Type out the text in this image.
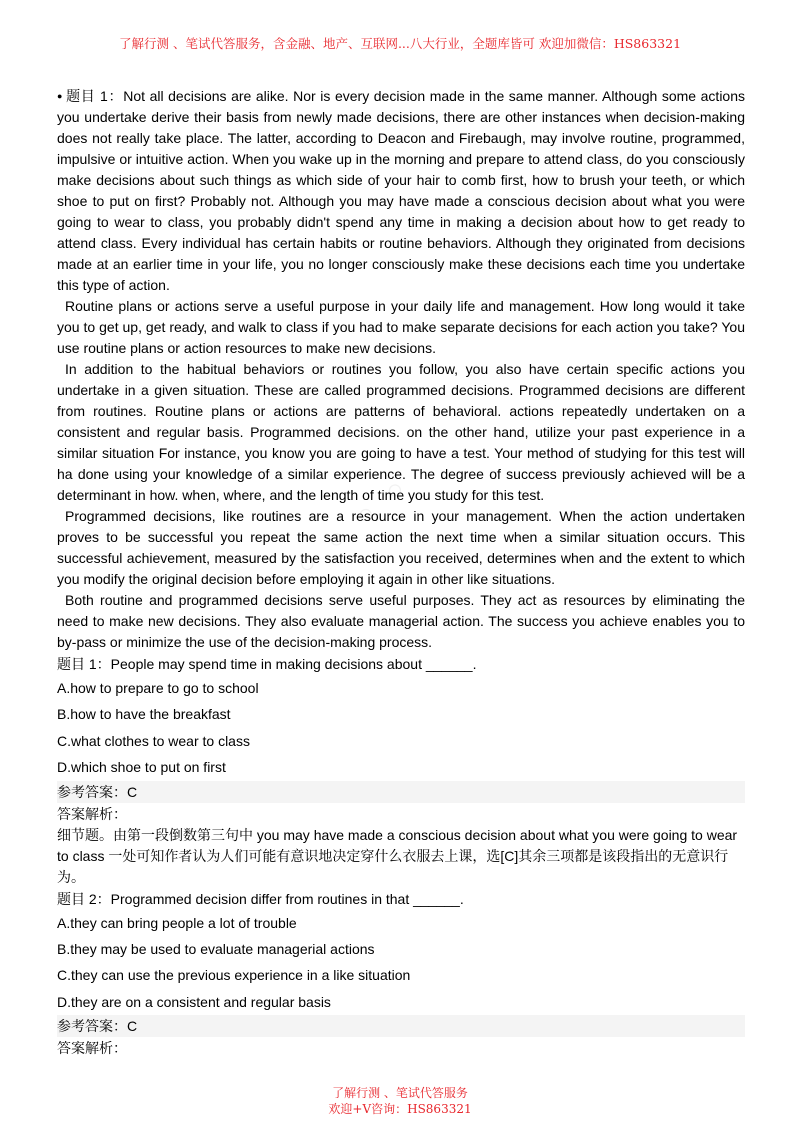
了解行测 、笔试代答服务，含金融、地产、互联网...八大行业，全题库皆可 欢迎加微信：HS863321
◦ ◦ ◦ ◦

● 题目 1：Not all decisions are alike. Nor is every decision made in the same manner. Although some actions you undertake derive their basis from newly made decisions, there are other instances when decision-making does not really take place. The latter, according to Deacon and Firebaugh, may involve routine, programmed, impulsive or intuitive action. When you wake up in the morning and prepare to attend class, do you consciously make decisions about such things as which side of your hair to comb first, how to brush your teeth, or which shoe to put on first? Probably not. Although you may have made a conscious decision about what you were going to wear to class, you probably didn't spend any time in making a decision about how to get ready to attend class. Every individual has certain habits or routine behaviors. Although they originated from decisions made at an earlier time in your life, you no longer consciously make these decisions each time you undertake this type of action.

Routine plans or actions serve a useful purpose in your daily life and management. How long would it take you to get up, get ready, and walk to class if you had to make separate decisions for each action you take? You use routine plans or action resources to make new decisions.

In addition to the habitual behaviors or routines you follow, you also have certain specific actions you undertake in a given situation. These are called programmed decisions. Programmed decisions are different from routines. Routine plans or actions are patterns of behavioral. actions repeatedly undertaken on a consistent and regular basis. Programmed decisions. on the other hand, utilize your past experience in a similar situation For instance, you know you are going to have a test. Your method of studying for this test will ha done using your knowledge of a similar experience. The degree of success previously achieved will be a determinant in how. when, where, and the length of time you study for this test.

Programmed decisions, like routines are a resource in your management. When the action undertaken proves to be successful you repeat the same action the next time when a similar situation occurs. This successful achievement, measured by the satisfaction you received, determines when and the extent to which you modify the original decision before employing it again in other like situations.

Both routine and programmed decisions serve useful purposes. They act as resources by eliminating the need to make new decisions. They also evaluate managerial action. The success you achieve enables you to by-pass or minimize the use of the decision-making process.

题目 1：People may spend time in making decisions about ______.

A.how to prepare to go to school

B.how to have the breakfast

C.what clothes to wear to class

D.which shoe to put on first

参考答案：C

答案解析：

细节题。由第一段倒数第三句中 you may have made a conscious decision about what you were going to wear to class 一处可知作者认为人们可能有意识地决定穿什么衣服去上课，选[C]其余三项都是该段指出的无意识行为。

题目 2：Programmed decision differ from routines in that ______.

A.they can bring people a lot of trouble

B.they may be used to evaluate managerial actions

C.they can use the previous experience in a like situation

D.they are on a consistent and regular basis

参考答案：C

答案解析：

了解行测 、笔试代答服务
欢迎+V咨询：HS863321
